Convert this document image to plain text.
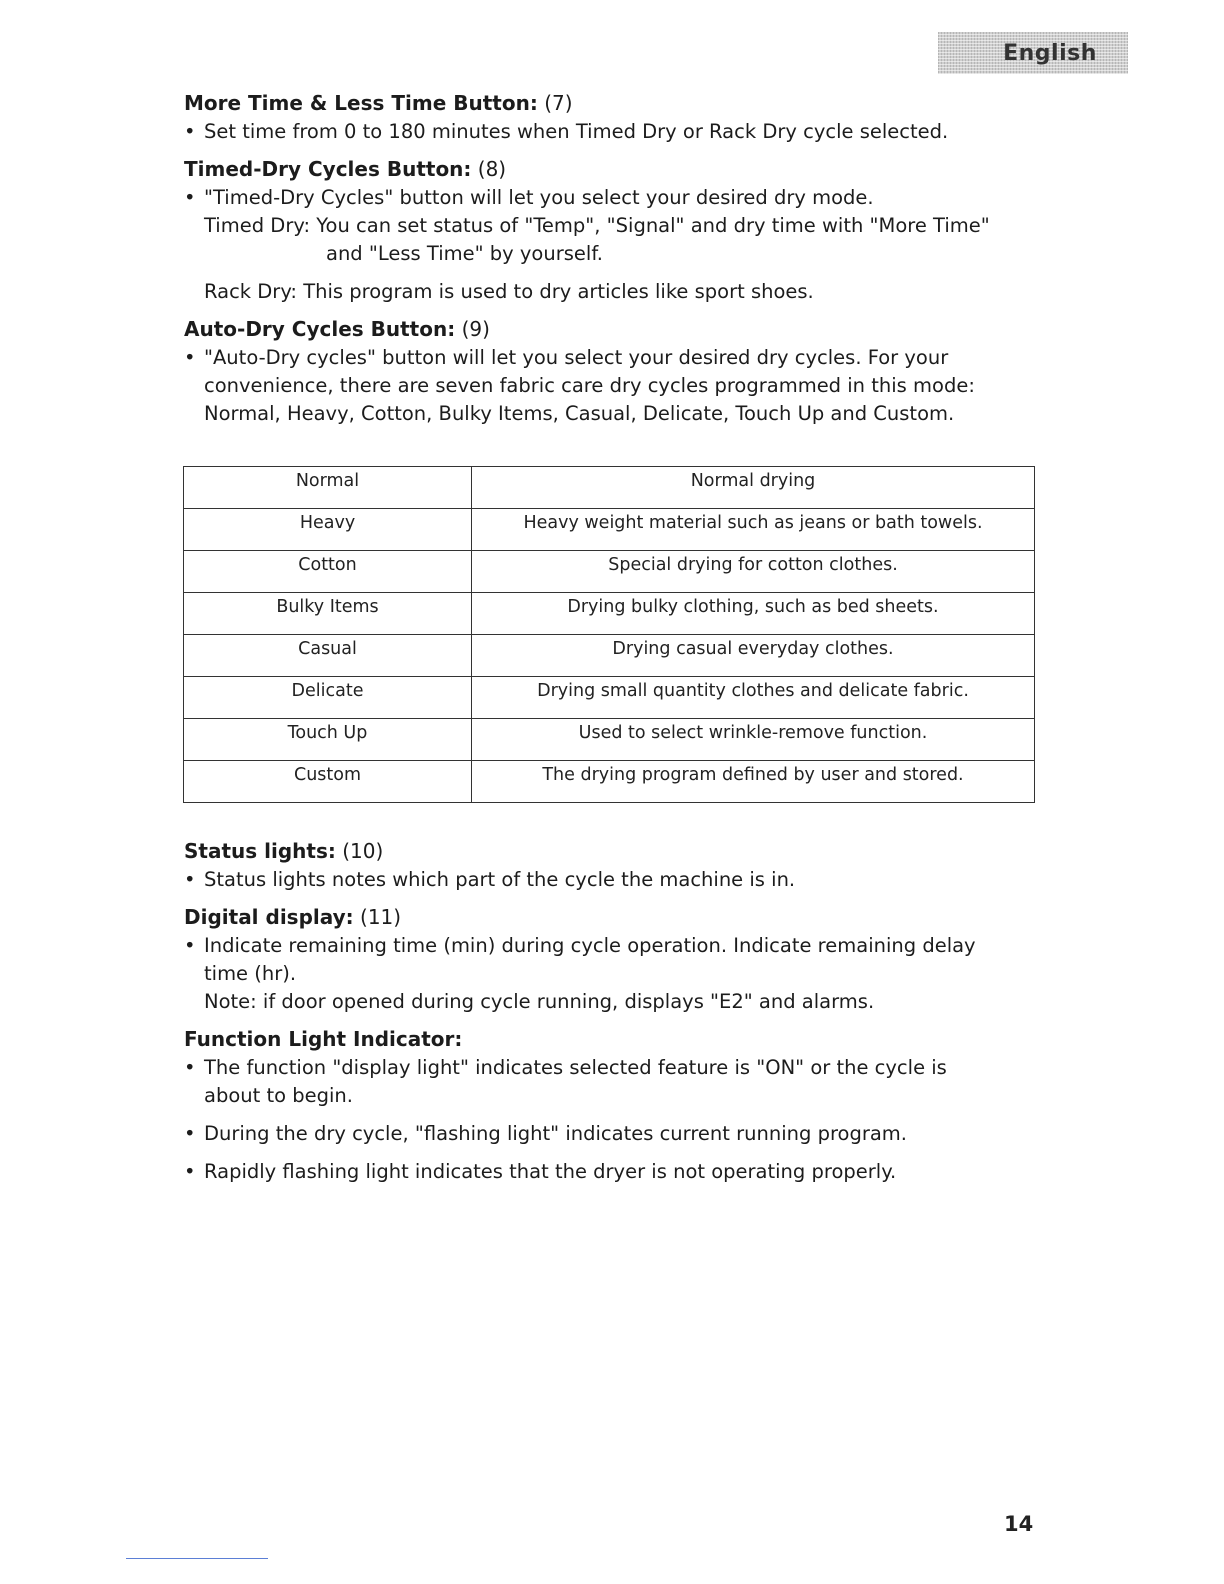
English

More Time & Less Time Button: (7)

• Set time from 0 to 180 minutes when Timed Dry or Rack Dry cycle selected.

Timed-Dry Cycles Button: (8)

• "Timed-Dry Cycles" button will let you select your desired dry mode.

Timed Dry: You can set status of "Temp", "Signal" and dry time with "More Time"

and "Less Time" by yourself.

Rack Dry: This program is used to dry articles like sport shoes.

Auto-Dry Cycles Button: (9)

• "Auto-Dry cycles" button will let you select your desired dry cycles. For your

convenience, there are seven fabric care dry cycles programmed in this mode:

Normal, Heavy, Cotton, Bulky Items, Casual, Delicate, Touch Up and Custom.

Normal	Normal drying
Heavy	Heavy weight material such as jeans or bath towels.
Cotton	Special drying for cotton clothes.
Bulky Items	Drying bulky clothing, such as bed sheets.
Casual	Drying casual everyday clothes.
Delicate	Drying small quantity clothes and delicate fabric.
Touch Up	Used to select wrinkle-remove function.
Custom	The drying program defined by user and stored.

Status lights: (10)

• Status lights notes which part of the cycle the machine is in.

Digital display: (11)

• Indicate remaining time (min) during cycle operation. Indicate remaining delay

time (hr).

Note: if door opened during cycle running, displays "E2" and alarms.

Function Light Indicator:

• The function "display light" indicates selected feature is "ON" or the cycle is

about to begin.

• During the dry cycle, "flashing light" indicates current running program.

• Rapidly flashing light indicates that the dryer is not operating properly.

14
